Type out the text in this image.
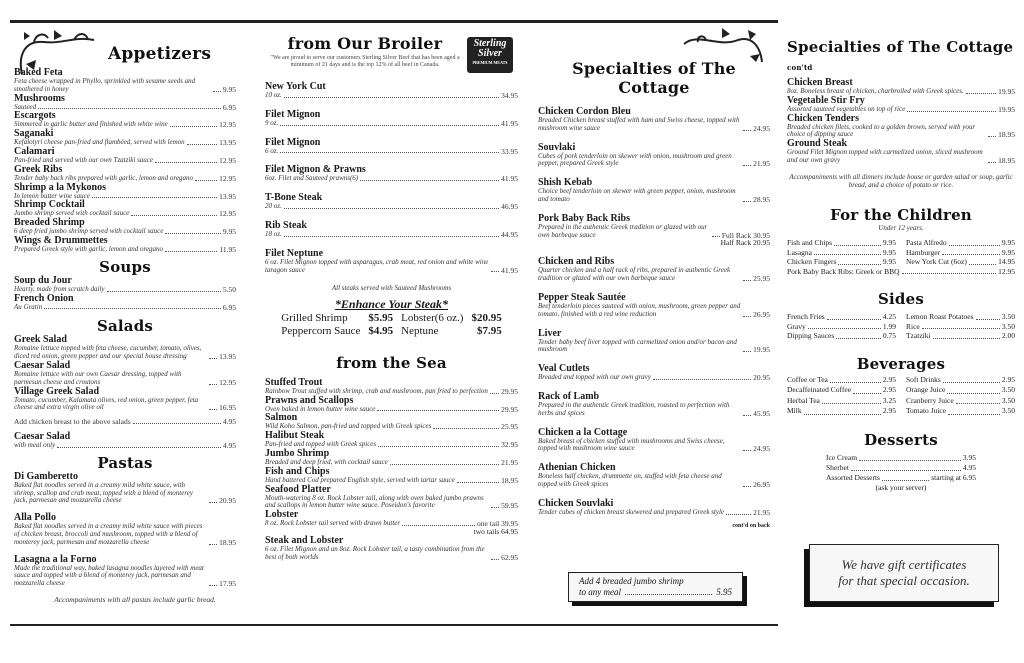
Appetizers
Baked Feta
Feta cheese wrapped in Phyllo, sprinkled with sesame seeds and smothered in honey	9.95
Mushrooms
Sauteed	6.95
Escargots
Simmered in garlic butter and finished with white wine	12.95
Saganaki
Kefalotyri cheese pan-fried and flambéed, served with lemon	13.95
Calamari
Pan-fried and served with our own Tzatziki sauce	12.95
Greek Ribs
Tender baby back ribs prepared with garlic, lemon and oregano	12.95
Shrimp a la Mykonos
In lemon butter wine sauce	13.95
Shrimp Cocktail
Jumbo shrimp served with cocktail sauce	12.95
Breaded Shrimp
6 deep fried jumbo shrimp served with cocktail sauce	9.95
Wings & Drummettes
Prepared Greek style with garlic, lemon and oregano	11.95
Soups
Soup du Jour
Hearty, made from scratch daily	5.50
French Onion
Au Gratin	6.95
Salads
Greek Salad
Romaine lettuce topped with feta cheese, cucumber, tomato, olives, diced red onion, green pepper and our special house dressing	13.95
Caesar Salad
Romaine lettuce with our own Caesar dressing, topped with parmesan cheese and croutons	12.95
Village Greek Salad
Tomato, cucumber, Kalamata olives, red onion, green pepper, feta cheese and extra virgin olive oil	16.95
Add chicken breast to the above salads	4.95
Caesar Salad
with meal only	4.95
Pastas
Di Gamberetto
Baked flat noodles served in a creamy mild white sauce, with shrimp, scallop and crab meat, topped with a blend of monterey jack, parmesan and mozzarella cheese	20.95
Alla Pollo
Baked flat noodles served in a creamy mild white sauce with pieces of chicken breast, broccoli and mushroom, topped with a blend of monterey jack, parmesan and mozzarella cheese	18.95
Lasagna a la Forno
Made the traditional way, baked lasagna noodles layered with meat sauce and topped with a blend of monterey jack, parmesan and mozzarella cheese	17.95
Accompaniments with all pastas include garlic bread.
from Our Broiler
"We are proud to serve our customers Sterling Silver Beef that has been aged a minimum of 21 days and is the top 12% of all beef in Canada.
Sterling
Silver
PREMIUM MEATS
New York Cut
10 oz.	34.95
Filet Mignon
9 oz.	41.95
Filet Mignon
6 oz.	33.95
Filet Mignon & Prawns
6oz. Filet and Sauteed prawns(6)	41.95
T-Bone Steak
20 oz.	46.95
Rib Steak
18 oz.	44.95
Filet Neptune
6 oz. Filet Mignon topped with asparagus, crab meat, red onion and white wine taragon sauce	41.95
All steaks served with Sauteed Mushrooms
*Enhance Your Steak*
Grilled Shrimp	$5.95 Lobster(6 oz.) $20.95
Peppercorn Sauce $4.95 Neptune	$7.95
from the Sea
Stuffed Trout
Rainbow Trout stuffed with shrimp, crab and mushroom, pan fried to perfection 29.95
Prawns and Scallops
Oven baked in lemon butter wine sauce	29.95
Salmon
Wild Koho Salmon, pan-fried and topped with Greek spices	25.95
Halibut Steak
Pan-fried and topped with Greek spices	32.95
Jumbo Shrimp
Breaded and deep fried, with cocktail sauce	21.95
Fish and Chips
Hand battered Cod prepared English style, served with tartar sauce	18.95
Seafood Platter
Mouth-watering 8 oz. Rock Lobster tail, along with oven baked jumbo prawns and scallops in lemon butter wine sauce. Poseidon's favorite	59.95
Lobster
8 oz. Rock Lobster tail served with drawn butter	one tail 39.95
two tails 64.95
Steak and Lobster
6 oz. Filet Mignon and an 8oz. Rock Lobster tail, a tasty combination from the best of both worlds	62.95
Specialties of The Cottage
Chicken Cordon Bleu
Breaded Chicken breast stuffed with ham and Swiss cheese, topped with mushroom wine sauce	24.95
Souvlaki
Cubes of pork tenderloin on skewer with onion, mushroom and green pepper, prepared Greek style	21.95
Shish Kebab
Choice beef tenderloin on skewer with green pepper, onion, mushroom and tomato	28.95
Pork Baby Back Ribs
Prepared in the authentic Greek tradition or glazed with our own barbeque sauce	Full Rack 30.95
Half Rack 20.95
Chicken and Ribs
Quarter chicken and a half rack of ribs, prepared in authentic Greek tradition or glazed with our own barbeque sauce	25.95
Pepper Steak Sautée
Beef tenderloin pieces sauteed with onion, mushroom, green pepper and tomato, finished with a red wine reduction	26.95
Liver
Tender baby beef liver topped with carmelized onion and/or bacon and mushroom	19.95
Veal Cutlets
Breaded and topped with our own gravy	20.95
Rack of Lamb
Prepared in the authentic Greek tradition, roasted to perfection with herbs and spices	45.95
Chicken a la Cottage
Baked breast of chicken stuffed with mushrooms and Swiss cheese, topped with mushroom wine sauce	24.95
Athenian Chicken
Boneless half chicken, drummette on, stuffed with feta cheese and topped with Greek spices	26.95
Chicken Souvlaki
Tender cubes of chicken breast skewered and prepared Greek style	21.95
cont'd on back
Add 4 breaded jumbo shrimp
to any meal	5.95
Specialties of The Cottage con'td
Chicken Breast
8oz. Boneless breast of chicken, charbroiled with Greek spices.	19.95
Vegetable Stir Fry
Assorted sauteed vegetables on top of rice	19.95
Chicken Tenders
Breaded chicken filets, cooked to a golden brown, served with your choice of dipping sauce	18.95
Ground Steak
Ground Filet Mignon topped with carmelized onion, sliced mushroom and our own gravy	18.95
Accompaniments with all dinners include house or garden salad or soup, garlic bread, and a choice of potato or rice.
For the Children
Under 12 years.
Fish and Chips	9.95 Pasta Alfredo	9.95
Lasagna	9.95 Hamburger	9.95
Chicken Fingers	9.95 New York Cut (6oz)	14.95
Pork Baby Back Ribs: Greek or BBQ	12.95
Sides
French Fries	4.25 Lemon Roast Potatoes	3.50
Gravy	1.99 Rice	3.50
Dipping Sauces	0.75 Tzatziki	2.00
Beverages
Coffee or Tea	2.95 Soft Drinks	2.95
Decaffeinated Coffee	2.95 Orange Juice	3.50
Herbal Tea	3.25 Cranberry Juice	3.50
Milk	2.95 Tomato Juice	3.50
Desserts
Ice Cream	3.95
Sherbet	4.95
Assorted Desserts	starting at 6.95
(ask your server)
We have gift certificates
for that special occasion.
